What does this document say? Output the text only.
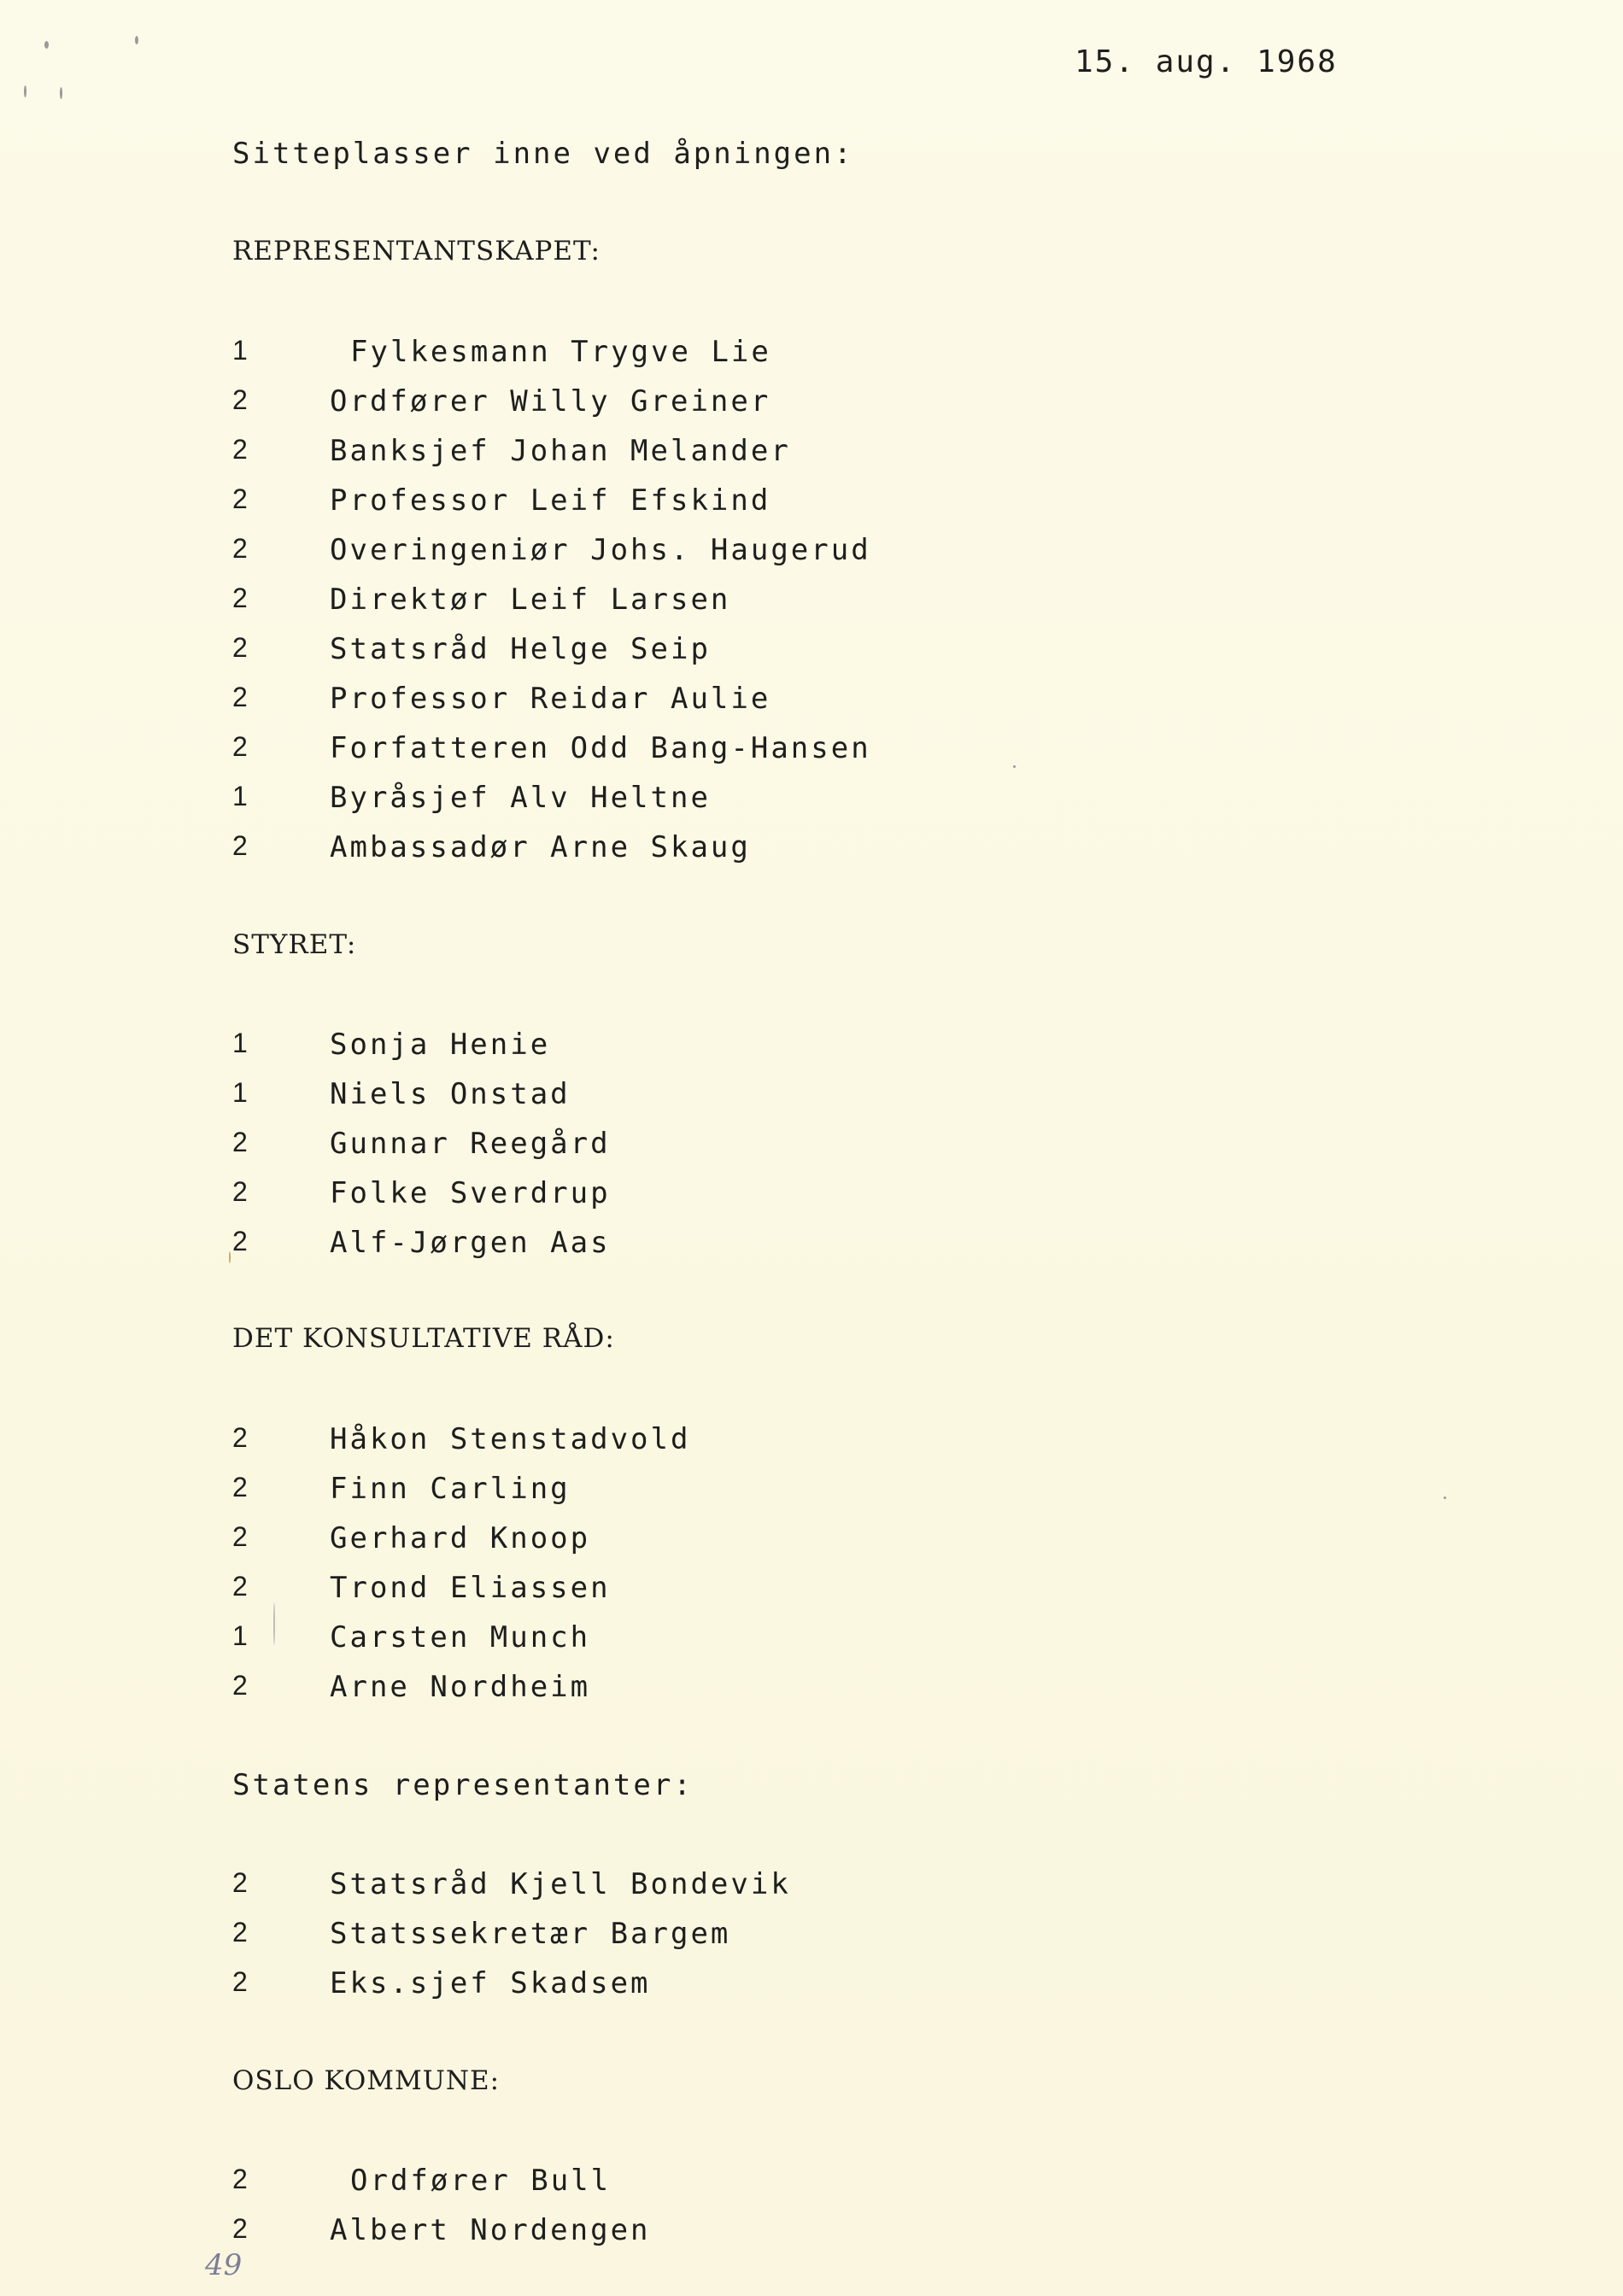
15. aug. 1968
Sitteplasser inne ved åpningen:
REPRESENTANTSKAPET:
1	Fylkesmann Trygve Lie
2	Ordfører Willy Greiner
2	Banksjef Johan Melander
2	Professor Leif Efskind
2	Overingeniør Johs. Haugerud
2	Direktør Leif Larsen
2	Statsråd Helge Seip
2	Professor Reidar Aulie
2	Forfatteren Odd Bang-Hansen
1	Byråsjef Alv Heltne
2	Ambassadør Arne Skaug
STYRET:
1	Sonja Henie
1	Niels Onstad
2	Gunnar Reegård
2	Folke Sverdrup
2	Alf-Jørgen Aas
DET KONSULTATIVE RÅD:
2	Håkon Stenstadvold
2	Finn Carling
2	Gerhard Knoop
2	Trond Eliassen
1	Carsten Munch
2	Arne Nordheim
Statens representanter:
2	Statsråd Kjell Bondevik
2	Statssekretær Bargem
2	Eks.sjef Skadsem
OSLO KOMMUNE:
2	Ordfører Bull
2	Albert Nordengen
49
